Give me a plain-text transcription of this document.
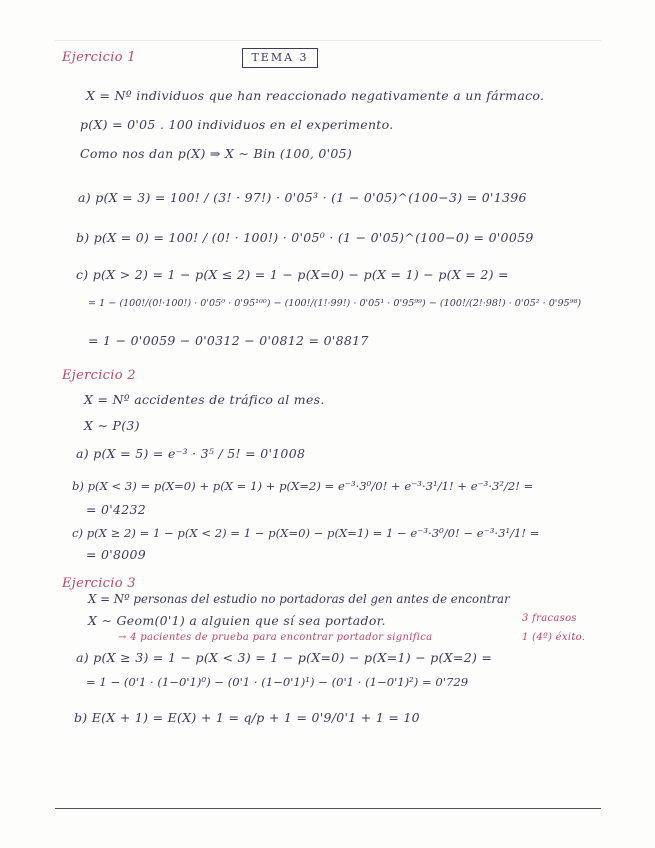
Ejercicio 1	TEMA 3
X = Nº individuos que han reaccionado negativamente a un fármaco.
p(X) = 0'05 . 100 individuos en el experimento.
Como nos dan p(X) ⇒ X ∼ Bin (100, 0'05)
a) p(X = 3) = 100! / (3! · 97!) · 0'05³ · (1 − 0'05)^(100−3) = 0'1396
b) p(X = 0) = 100! / (0! · 100!) · 0'05⁰ · (1 − 0'05)^(100−0) = 0'0059
c) p(X > 2) = 1 − p(X ≤ 2) = 1 − p(X=0) − p(X = 1) − p(X = 2) =
= 1 − (100!/(0!·100!) · 0'05⁰ · 0'95¹⁰⁰) − (100!/(1!·99!) · 0'05¹ · 0'95⁹⁹) − (100!/(2!·98!) · 0'05² · 0'95⁹⁸)
= 1 − 0'0059 − 0'0312 − 0'0812 = 0'8817
Ejercicio 2
X = Nº accidentes de tráfico al mes.
X ∼ P(3)
a) p(X = 5) = e⁻³ · 3⁵ / 5! = 0'1008
b) p(X < 3) = p(X=0) + p(X = 1) + p(X=2) = e⁻³·3⁰/0! + e⁻³·3¹/1! + e⁻³·3²/2! =
= 0'4232
c) p(X ≥ 2) = 1 − p(X < 2) = 1 − p(X=0) − p(X=1) = 1 − e⁻³·3⁰/0! − e⁻³·3¹/1! =
= 0'8009
Ejercicio 3
X = Nº personas del estudio no portadoras del gen antes de encontrar
X ∼ Geom(0'1) a alguien que sí sea portador.
→ 4 pacientes de prueba para encontrar portador significa
3 fracasos
1 (4º) éxito.
a) p(X ≥ 3) = 1 − p(X < 3) = 1 − p(X=0) − p(X=1) − p(X=2) =
= 1 − (0'1 · (1−0'1)⁰) − (0'1 · (1−0'1)¹) − (0'1 · (1−0'1)²) = 0'729
b) E(X + 1) = E(X) + 1 = q/p + 1 = 0'9/0'1 + 1 = 10
